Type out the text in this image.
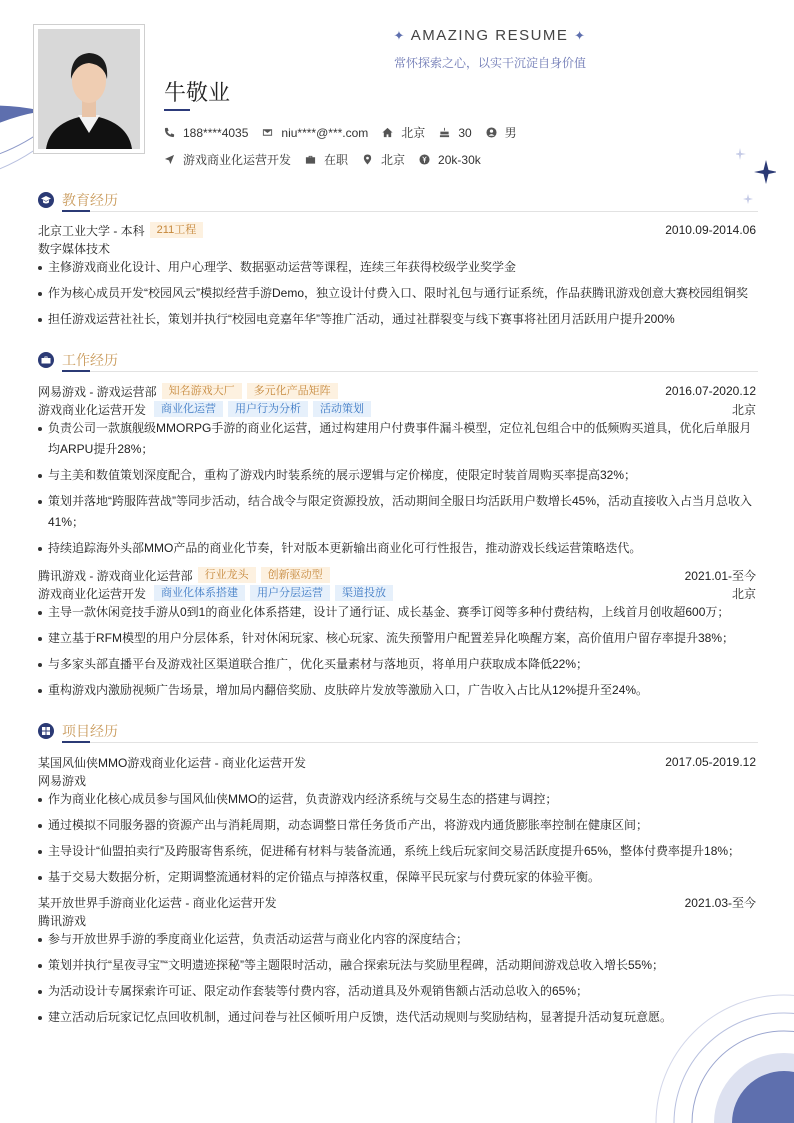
✦ AMAZING RESUME ✦
常怀探索之心，以实干沉淀自身价值
牛敬业
188****4035	niu****@***.com	北京	30	男
游戏商业化运营开发	在职	北京	20k-30k
教育经历
北京工业大学 - 本科	211工程	2010.09-2014.06
数字媒体技术
主修游戏商业化设计、用户心理学、数据驱动运营等课程，连续三年获得校级学业奖学金
作为核心成员开发“校园风云”模拟经营手游Demo，独立设计付费入口、限时礼包与通行证系统，作品获腾讯游戏创意大赛校园组铜奖
担任游戏运营社社长，策划并执行“校园电竞嘉年华”等推广活动，通过社群裂变与线下赛事将社团月活跃用户提升200%
工作经历
网易游戏 - 游戏运营部	知名游戏大厂	多元化产品矩阵	2016.07-2020.12
游戏商业化运营开发	商业化运营	用户行为分析	活动策划	北京
负责公司一款旗舰级MMORPG手游的商业化运营，通过构建用户付费事件漏斗模型，定位礼包组合中的低频购买道具，优化后单服月均ARPU提升28%；
与主美和数值策划深度配合，重构了游戏内时装系统的展示逻辑与定价梯度，使限定时装首周购买率提高32%；
策划并落地“跨服阵营战”等同步活动，结合战令与限定资源投放，活动期间全服日均活跃用户数增长45%，活动直接收入占当月总收入41%；
持续追踪海外头部MMO产品的商业化节奏，针对版本更新输出商业化可行性报告，推动游戏长线运营策略迭代。
腾讯游戏 - 游戏商业化运营部	行业龙头	创新驱动型	2021.01-至今
游戏商业化运营开发	商业化体系搭建	用户分层运营	渠道投放	北京
主导一款休闲竞技手游从0到1的商业化体系搭建，设计了通行证、成长基金、赛季订阅等多种付费结构，上线首月创收超600万；
建立基于RFM模型的用户分层体系，针对休闲玩家、核心玩家、流失预警用户配置差异化唤醒方案，高价值用户留存率提升38%；
与多家头部直播平台及游戏社区渠道联合推广，优化买量素材与落地页，将单用户获取成本降低22%；
重构游戏内激励视频广告场景，增加局内翻倍奖励、皮肤碎片发放等激励入口，广告收入占比从12%提升至24%。
项目经历
某国风仙侠MMO游戏商业化运营 - 商业化运营开发	2017.05-2019.12
网易游戏
作为商业化核心成员参与国风仙侠MMO的运营，负责游戏内经济系统与交易生态的搭建与调控；
通过模拟不同服务器的资源产出与消耗周期，动态调整日常任务货币产出，将游戏内通货膨胀率控制在健康区间；
主导设计“仙盟拍卖行”及跨服寄售系统，促进稀有材料与装备流通，系统上线后玩家间交易活跃度提升65%，整体付费率提升18%；
基于交易大数据分析，定期调整流通材料的定价锚点与掉落权重，保障平民玩家与付费玩家的体验平衡。
某开放世界手游商业化运营 - 商业化运营开发	2021.03-至今
腾讯游戏
参与开放世界手游的季度商业化运营，负责活动运营与商业化内容的深度结合；
策划并执行“星夜寻宝”“文明遗迹探秘”等主题限时活动，融合探索玩法与奖励里程碑，活动期间游戏总收入增长55%；
为活动设计专属探索许可证、限定动作套装等付费内容，活动道具及外观销售额占活动总收入的65%；
建立活动后玩家记忆点回收机制，通过问卷与社区倾听用户反馈，迭代活动规则与奖励结构，显著提升活动复玩意愿。
